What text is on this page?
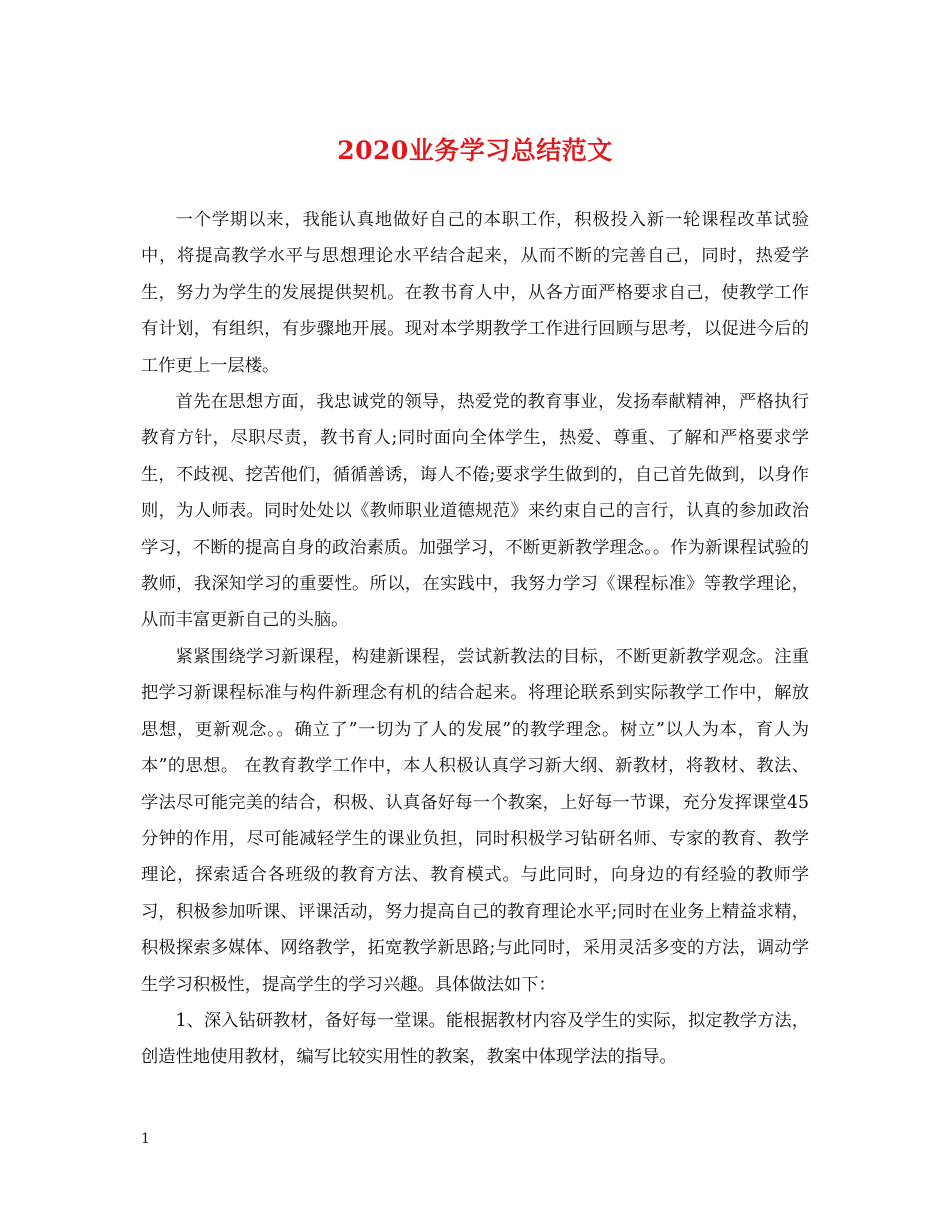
2020业务学习总结范文

一个学期以来，我能认真地做好自己的本职工作，积极投入新一轮课程改革试验中，将提高教学水平与思想理论水平结合起来，从而不断的完善自己，同时，热爱学生，努力为学生的发展提供契机。在教书育人中，从各方面严格要求自己，使教学工作有计划，有组织，有步骤地开展。现对本学期教学工作进行回顾与思考，以促进今后的工作更上一层楼。

首先在思想方面，我忠诚党的领导，热爱党的教育事业，发扬奉献精神，严格执行教育方针，尽职尽责，教书育人;同时面向全体学生，热爱、尊重、了解和严格要求学生，不歧视、挖苦他们，循循善诱，诲人不倦;要求学生做到的，自己首先做到，以身作则，为人师表。同时处处以《教师职业道德规范》来约束自己的言行，认真的参加政治学习，不断的提高自身的政治素质。加强学习，不断更新教学理念。。作为新课程试验的教师，我深知学习的重要性。所以，在实践中，我努力学习《课程标准》等教学理论，从而丰富更新自己的头脑。

紧紧围绕学习新课程，构建新课程，尝试新教法的目标，不断更新教学观念。注重把学习新课程标准与构件新理念有机的结合起来。将理论联系到实际教学工作中，解放思想，更新观念。。确立了”一切为了人的发展”的教学理念。树立”以人为本，育人为本”的思想。 在教育教学工作中，本人积极认真学习新大纲、新教材，将教材、教法、学法尽可能完美的结合，积极、认真备好每一个教案，上好每一节课，充分发挥课堂45分钟的作用，尽可能减轻学生的课业负担，同时积极学习钻研名师、专家的教育、教学理论，探索适合各班级的教育方法、教育模式。与此同时，向身边的有经验的教师学习，积极参加听课、评课活动，努力提高自己的教育理论水平;同时在业务上精益求精，积极探索多媒体、网络教学，拓宽教学新思路;与此同时，采用灵活多变的方法，调动学生学习积极性，提高学生的学习兴趣。具体做法如下：

1、深入钻研教材，备好每一堂课。能根据教材内容及学生的实际，拟定教学方法，创造性地使用教材，编写比较实用性的教案，教案中体现学法的指导。

1
